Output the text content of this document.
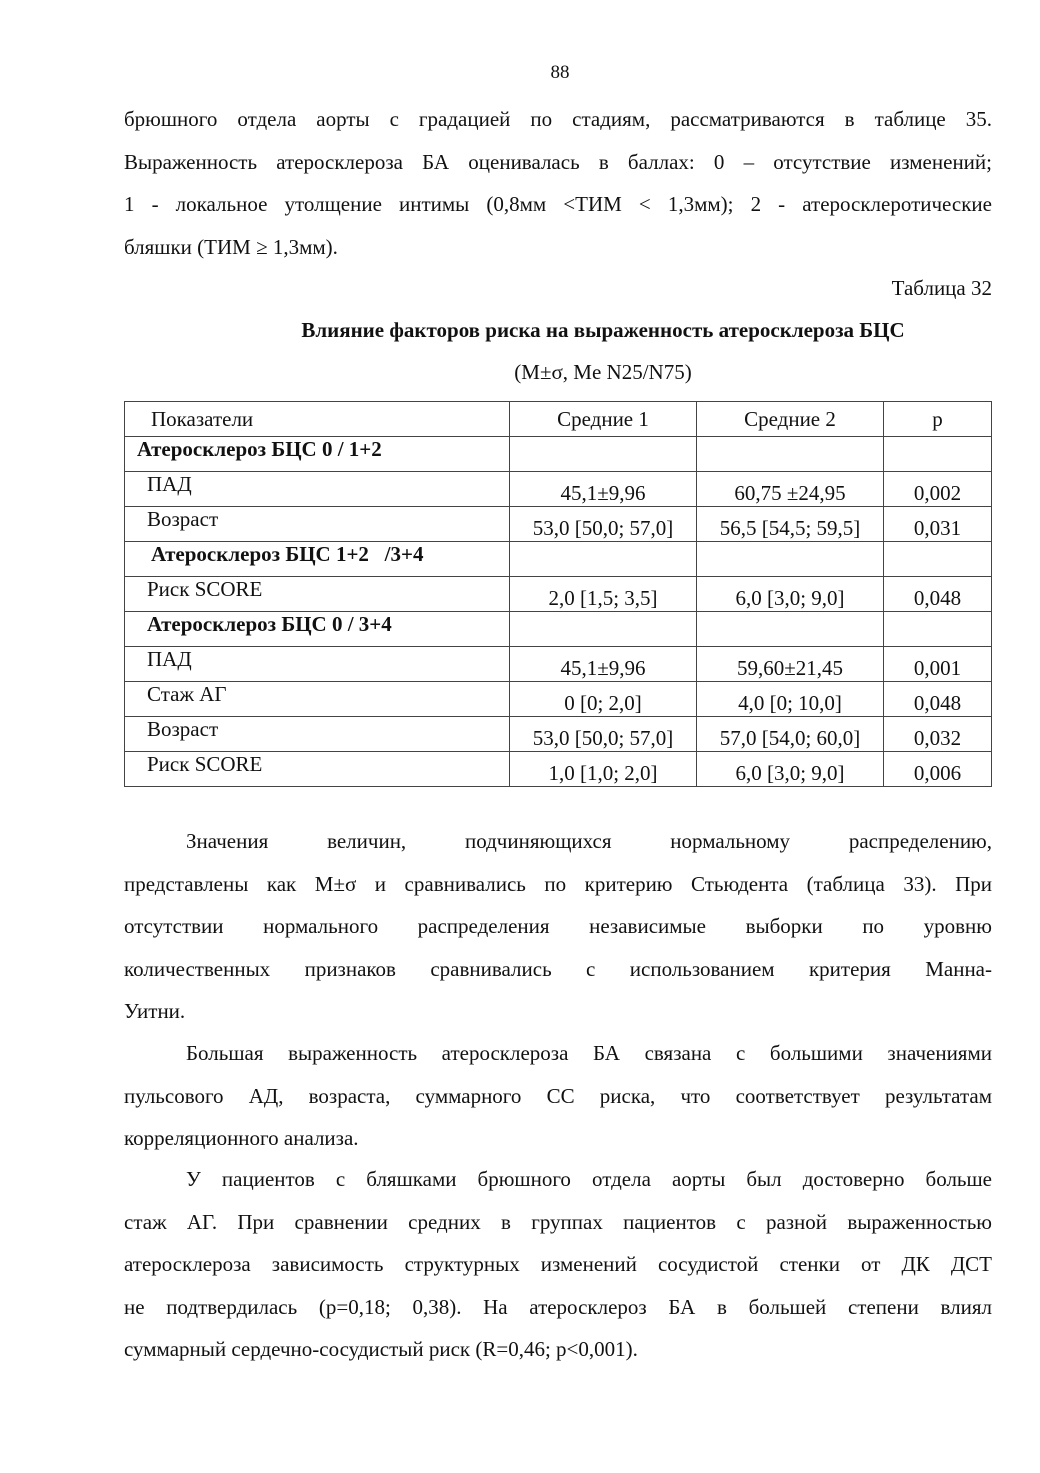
88
брюшного отдела аорты с градацией по стадиям, рассматриваются в таблице 35.
Выраженность атеросклероза БА оценивалась в баллах: 0 – отсутствие изменений;
1 - локальное утолщение интимы (0,8мм <ТИМ < 1,3мм); 2 - атеросклеротические
бляшки (ТИМ ≥ 1,3мм).
Таблица 32
Влияние факторов риска на выраженность атеросклероза БЦС
(M±σ, Me N25/N75)
Показатели	Средние 1	Средние 2	p
Атеросклероз БЦС 0 / 1+2			
ПАД	45,1±9,96	60,75 ±24,95	0,002
Возраст	53,0 [50,0; 57,0]	56,5 [54,5; 59,5]	0,031
Атеросклероз БЦС 1+2   /3+4			
Риск SCORE	2,0 [1,5; 3,5]	6,0 [3,0; 9,0]	0,048
Атеросклероз БЦС 0 / 3+4			
ПАД	45,1±9,96	59,60±21,45	0,001
Стаж АГ	0 [0; 2,0]	4,0 [0; 10,0]	0,048
Возраст	53,0 [50,0; 57,0]	57,0 [54,0; 60,0]	0,032
Риск SCORE	1,0 [1,0; 2,0]	6,0 [3,0; 9,0]	0,006
Значения величин, подчиняющихся нормальному распределению,
представлены как M±σ и сравнивались по критерию Стьюдента (таблица 33). При
отсутствии нормального распределения независимые выборки по уровню
количественных признаков сравнивались с использованием критерия Манна-
Уитни.
Большая выраженность атеросклероза БА связана с большими значениями
пульсового АД, возраста, суммарного СС риска, что соответствует результатам
корреляционного анализа.
У пациентов с бляшками брюшного отдела аорты был достоверно больше
стаж АГ. При сравнении средних в группах пациентов с разной выраженностью
атеросклероза зависимость структурных изменений сосудистой стенки от ДК ДСТ
не подтвердилась (p=0,18; 0,38). На атеросклероз БА в большей степени влиял
суммарный сердечно-сосудистый риск (R=0,46; p<0,001).
